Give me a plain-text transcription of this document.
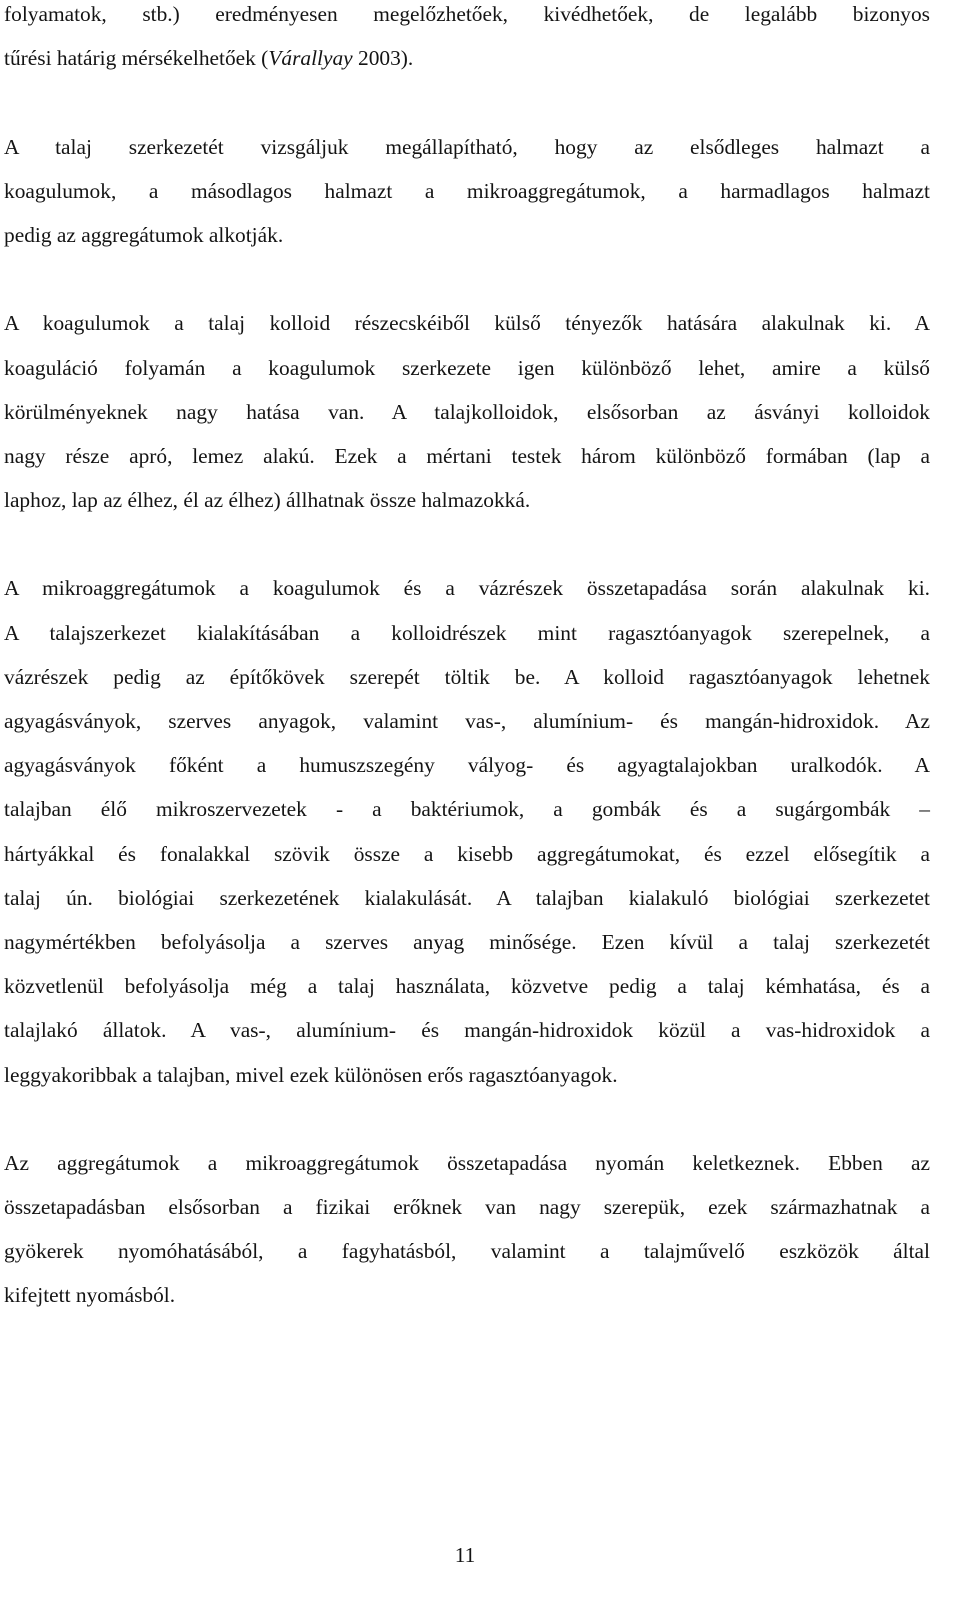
folyamatok, stb.) eredményesen megelőzhetőek, kivédhetőek, de legalább bizonyos
tűrési határig mérsékelhetőek (Várallyay 2003).
A talaj szerkezetét vizsgáljuk megállapítható, hogy az elsődleges halmazt a
koagulumok, a másodlagos halmazt a mikroaggregátumok, a harmadlagos halmazt
pedig az aggregátumok alkotják.
A koagulumok a talaj kolloid részecskéiből külső tényezők hatására alakulnak ki. A
koaguláció folyamán a koagulumok szerkezete igen különböző lehet, amire a külső
körülményeknek nagy hatása van. A talajkolloidok, elsősorban az ásványi kolloidok
nagy része apró, lemez alakú. Ezek a mértani testek három különböző formában (lap a
laphoz, lap az élhez, él az élhez) állhatnak össze halmazokká.
A mikroaggregátumok a koagulumok és a vázrészek összetapadása során alakulnak ki.
A talajszerkezet kialakításában a kolloidrészek mint ragasztóanyagok szerepelnek, a
vázrészek pedig az építőkövek szerepét töltik be. A kolloid ragasztóanyagok lehetnek
agyagásványok, szerves anyagok, valamint vas-, alumínium- és mangán-hidroxidok. Az
agyagásványok főként a humuszszegény vályog- és agyagtalajokban uralkodók. A
talajban élő mikroszervezetek - a baktériumok, a gombák és a sugárgombák –
hártyákkal és fonalakkal szövik össze a kisebb aggregátumokat, és ezzel elősegítik a
talaj ún. biológiai szerkezetének kialakulását. A talajban kialakuló biológiai szerkezetet
nagymértékben befolyásolja a szerves anyag minősége. Ezen kívül a talaj szerkezetét
közvetlenül befolyásolja még a talaj használata, közvetve pedig a talaj kémhatása, és a
talajlakó állatok. A vas-, alumínium- és mangán-hidroxidok közül a vas-hidroxidok a
leggyakoribbak a talajban, mivel ezek különösen erős ragasztóanyagok.
Az aggregátumok a mikroaggregátumok összetapadása nyomán keletkeznek. Ebben az
összetapadásban elsősorban a fizikai erőknek van nagy szerepük, ezek származhatnak a
gyökerek nyomóhatásából, a fagyhatásból, valamint a talajművelő eszközök által
kifejtett nyomásból.
11
